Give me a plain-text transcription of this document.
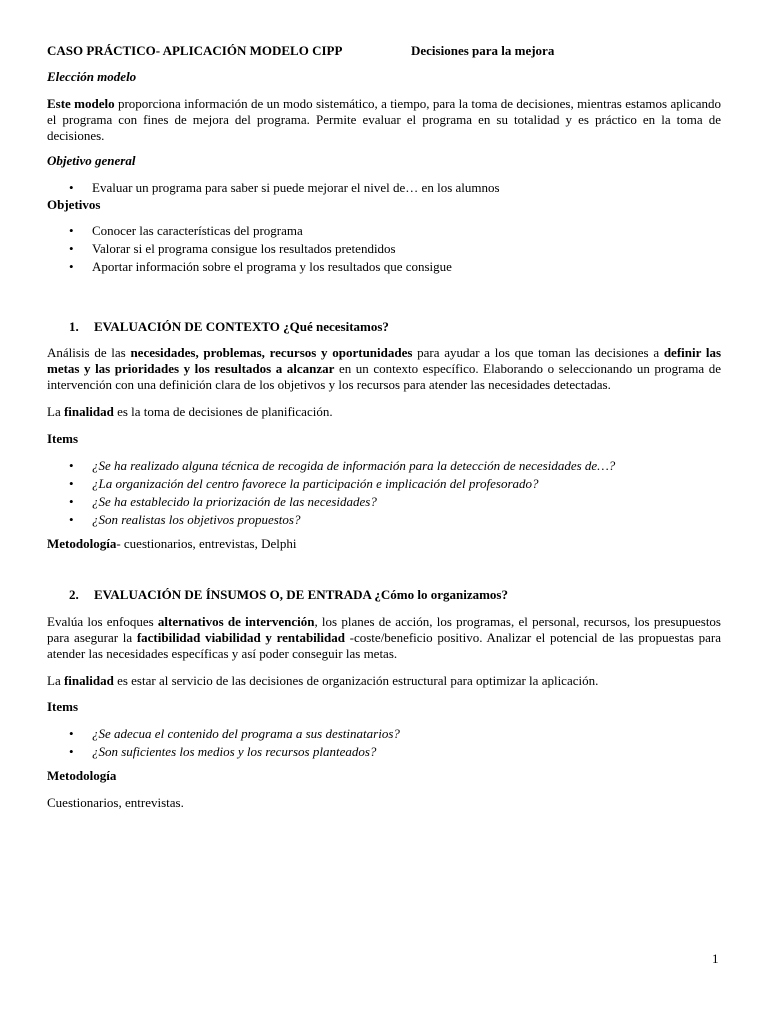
CASO PRÁCTICO- APLICACIÓN MODELO CIPP	Decisiones para la mejora

Elección modelo

Este modelo proporciona información de un modo sistemático, a tiempo, para la toma de decisiones, mientras estamos aplicando el programa con fines de mejora del programa. Permite evaluar el programa en su totalidad y es práctico en la toma de decisiones.

Objetivo general

• Evaluar un programa para saber si puede mejorar el nivel de… en los alumnos

Objetivos

• Conocer las características del programa
• Valorar si el programa consigue los resultados pretendidos
• Aportar información sobre el programa y los resultados que consigue
1.	EVALUACIÓN DE CONTEXTO ¿Qué necesitamos?

Análisis de las necesidades, problemas, recursos y oportunidades para ayudar a los que toman las decisiones a definir las metas y las prioridades y los resultados a alcanzar en un contexto específico. Elaborando o seleccionando un programa de intervención con una definición clara de los objetivos y los recursos para atender las necesidades detectadas.

La finalidad es la toma de decisiones de planificación.

Items

• ¿Se ha realizado alguna técnica de recogida de información para la detección de necesidades de…?
• ¿La organización del centro favorece la participación e implicación del profesorado?
• ¿Se ha establecido la priorización de las necesidades?
• ¿Son realistas los objetivos propuestos?

Metodología- cuestionarios, entrevistas, Delphi

2.	EVALUACIÓN DE ÍNSUMOS O, DE ENTRADA ¿Cómo lo organizamos?

Evalúa los enfoques alternativos de intervención, los planes de acción, los programas, el personal, recursos, los presupuestos para asegurar la factibilidad viabilidad y rentabilidad -coste/beneficio positivo. Analizar el potencial de las propuestas para atender las necesidades específicas y así poder conseguir las metas.

La finalidad es estar al servicio de las decisiones de organización estructural para optimizar la aplicación.

Items

• ¿Se adecua el contenido del programa a sus destinatarios?
• ¿Son suficientes los medios y los recursos planteados?

Metodología

Cuestionarios, entrevistas.

1
